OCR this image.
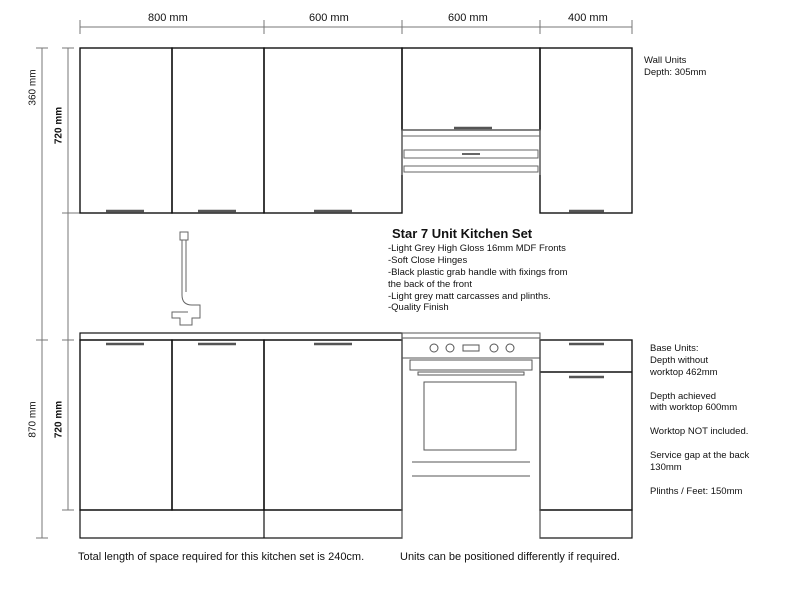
800 mm	600 mm	600 mm	400 mm
360 mm
720 mm
870 mm 720 mm
Star 7 Unit Kitchen Set
-Light Grey High Gloss 16mm MDF Fronts
-Soft Close Hinges
-Black plastic grab handle with fixings from
the back of the front
-Light grey matt carcasses and plinths.
-Quality Finish
Wall Units
Depth: 305mm
Base Units:
Depth without
worktop 462mm

Depth achieved
with worktop 600mm

Worktop NOT included.

Service gap at the back
130mm

Plinths / Feet: 150mm
Total length of space required for this kitchen set is 240cm.	Units can be positioned differently if required.
